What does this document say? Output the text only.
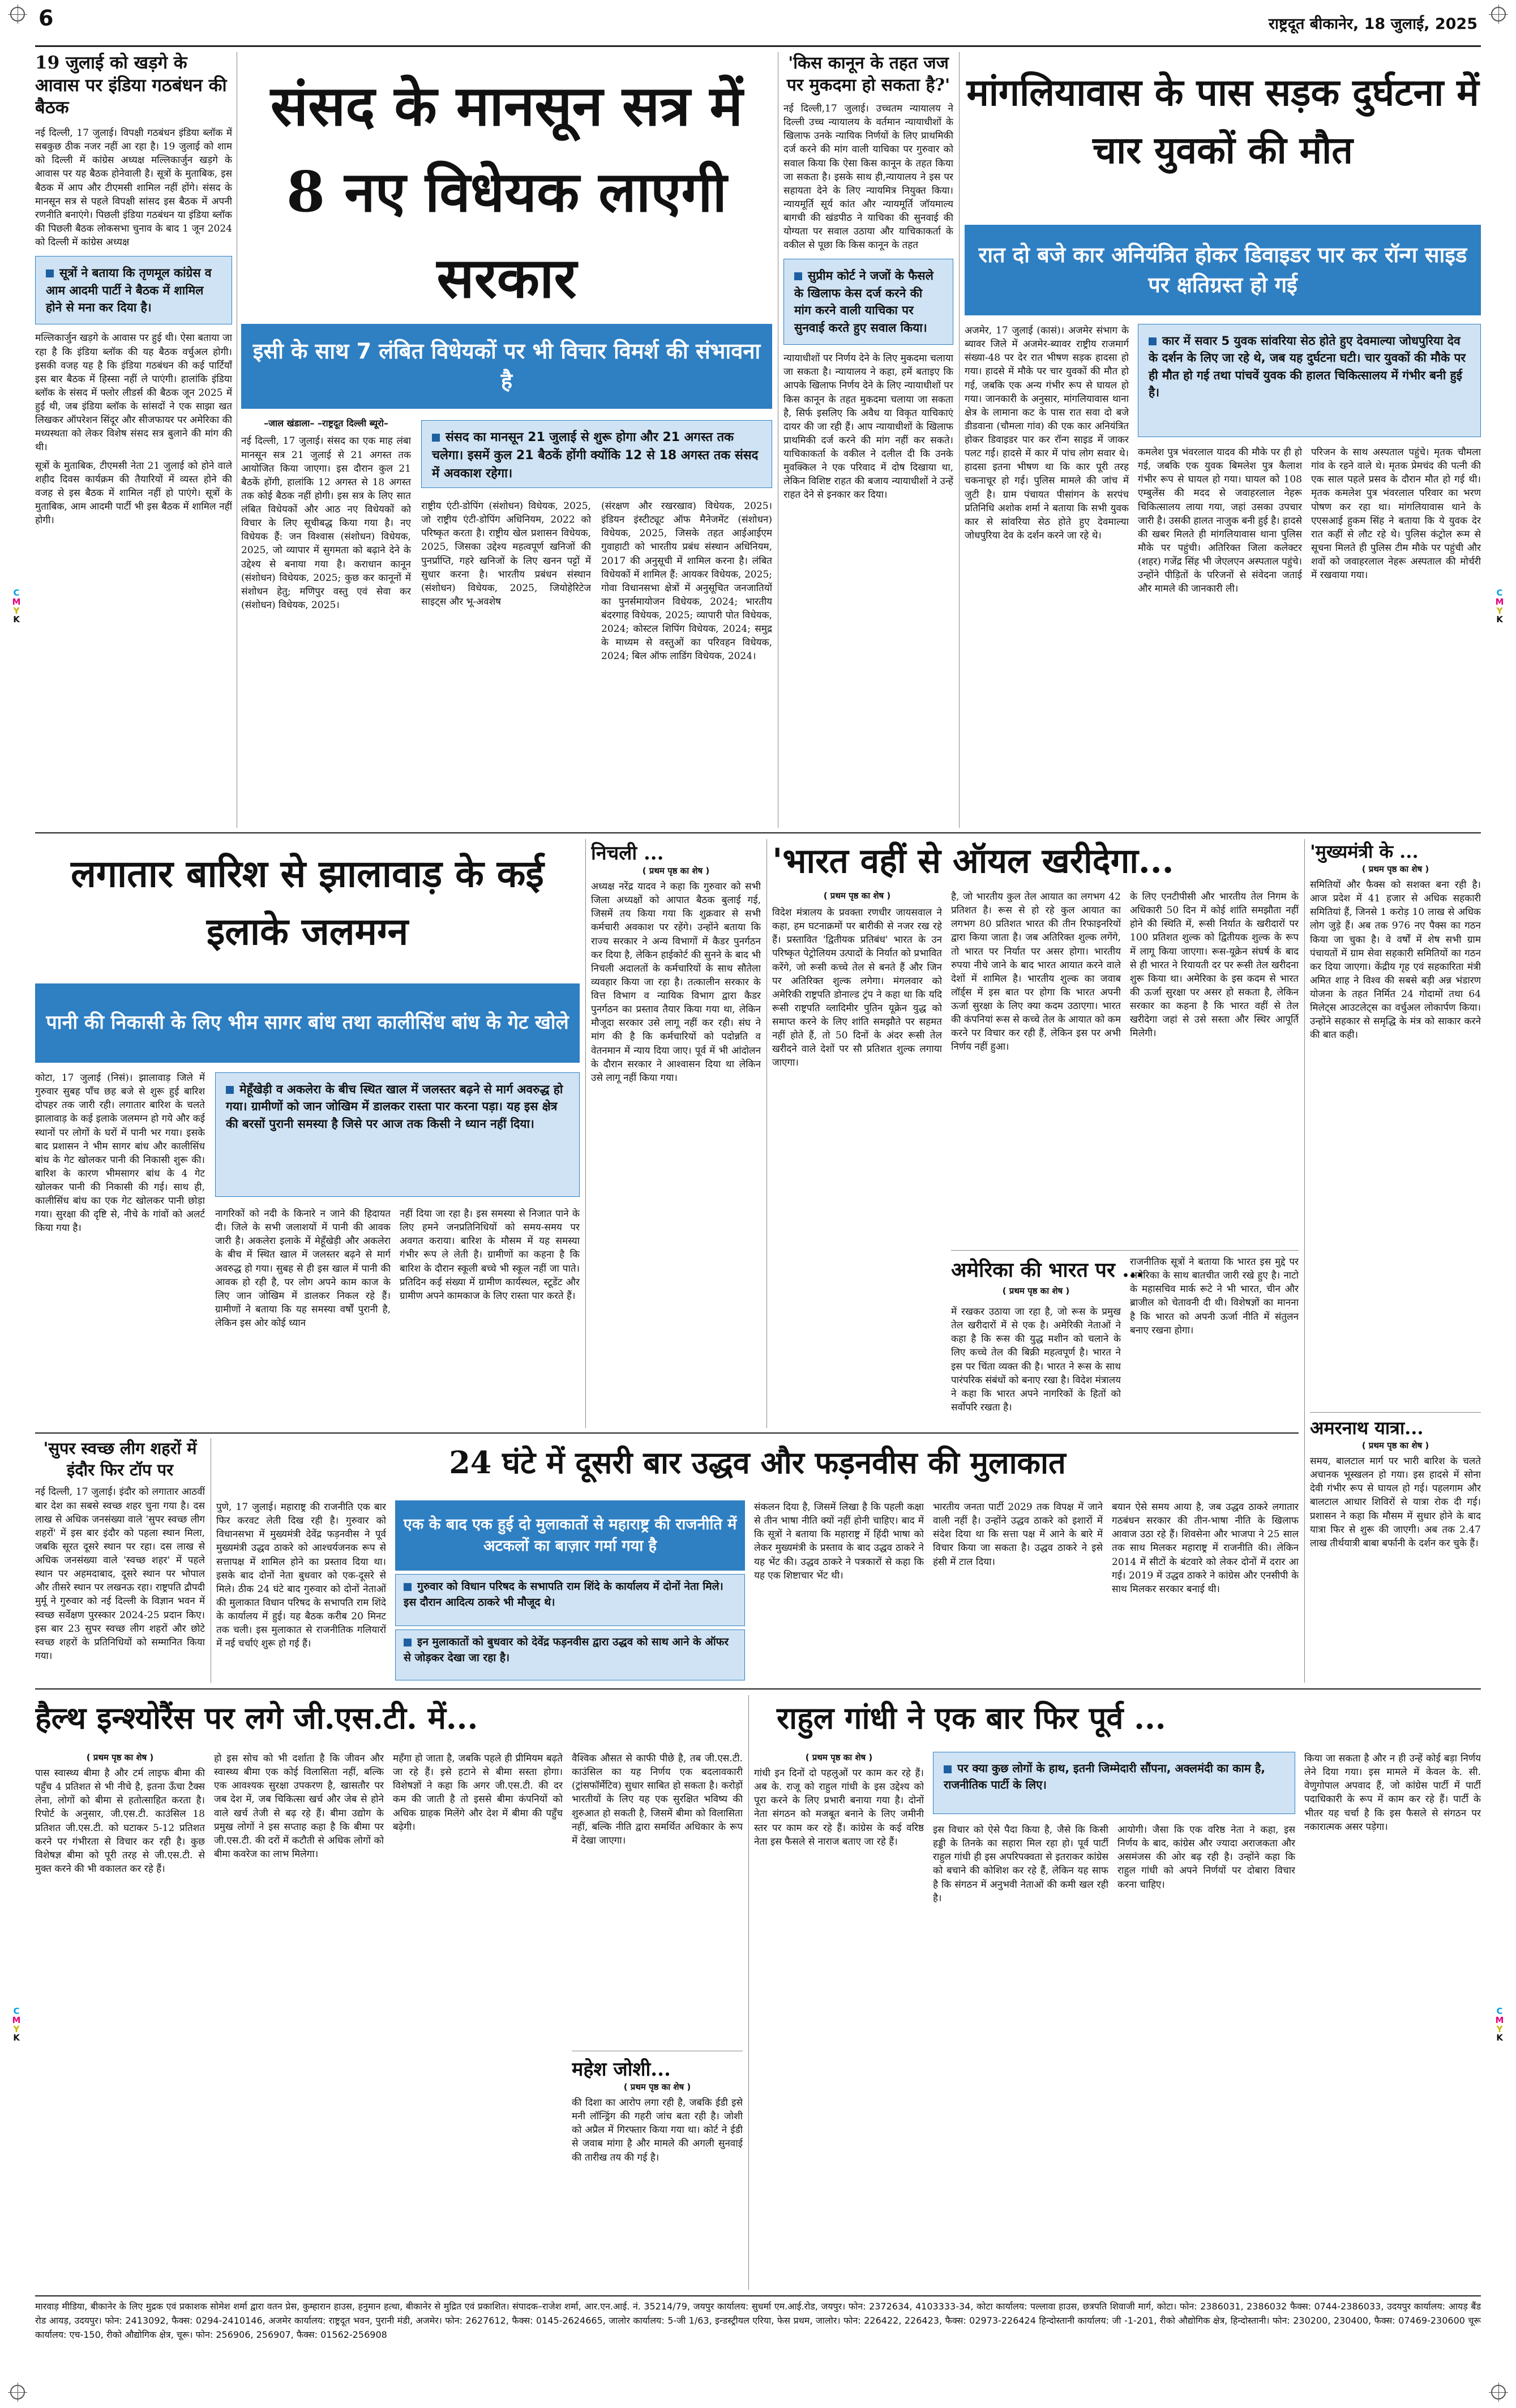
6	राष्ट्रदूत बीकानेर, 18 जुलाई, 2025
C
M
Y
K
C
M
Y
K
C
M
Y
K
C
M
Y
K
19 जुलाई को खड़गे के आवास पर इंडिया गठबंधन की बैठक
नई दिल्ली, 17 जुलाई। विपक्षी गठबंधन इंडिया ब्लॉक में सबकुछ ठीक नजर नहीं आ रहा है। 19 जुलाई को शाम को दिल्ली में कांग्रेस अध्यक्ष मल्लिकार्जुन खड़गे के आवास पर यह बैठक होनेवाली है। सूत्रों के मुताबिक, इस बैठक में आप और टीएमसी शामिल नहीं होंगे। संसद के मानसून सत्र से पहले विपक्षी सांसद इस बैठक में अपनी रणनीति बनाएंगे। पिछली इंडिया गठबंधन या इंडिया ब्लॉक की पिछली बैठक लोकसभा चुनाव के बाद 1 जून 2024 को दिल्ली में कांग्रेस अध्यक्ष
सूत्रों ने बताया कि तृणमूल कांग्रेस व आम आदमी पार्टी ने बैठक में शामिल होने से मना कर दिया है।
मल्लिकार्जुन खड़गे के आवास पर हुई थी। ऐसा बताया जा रहा है कि इंडिया ब्लॉक की यह बैठक वर्चुअल होगी। इसकी वजह यह है कि इंडिया गठबंधन की कई पार्टियाँ इस बार बैठक में हिस्सा नहीं ले पाएंगी। हालांकि इंडिया ब्लॉक के संसद में फ्लोर लीडर्स की बैठक जून 2025 में हुई थी, जब इंडिया ब्लॉक के सांसदों ने एक साझा खत लिखकर ऑपरेशन सिंदूर और सीजफायर पर अमेरिका की मध्यस्थता को लेकर विशेष संसद सत्र बुलाने की मांग की थी।
सूत्रों के मुताबिक, टीएमसी नेता 21 जुलाई को होने वाले शहीद दिवस कार्यक्रम की तैयारियों में व्यस्त होने की वजह से इस बैठक में शामिल नहीं हो पाएंगे। सूत्रों के मुताबिक, आम आदमी पार्टी भी इस बैठक में शामिल नहीं होगी।
संसद के मानसून सत्र में 8 नए विधेयक लाएगी सरकार
इसी के साथ 7 लंबित विधेयकों पर भी विचार विमर्श की संभावना है
–जाल खंडाला– –राष्ट्रदूत दिल्ली ब्यूरो–
नई दिल्ली, 17 जुलाई। संसद का एक माह लंबा मानसून सत्र 21 जुलाई से 21 अगस्त तक आयोजित किया जाएगा। इस दौरान कुल 21 बैठकें होंगी, हालांकि 12 अगस्त से 18 अगस्त तक कोई बैठक नहीं होगी। इस सत्र के लिए सात लंबित विधेयकों और आठ नए विधेयकों को विचार के लिए सूचीबद्ध किया गया है। नए विधेयक हैं: जन विश्वास (संशोधन) विधेयक, 2025, जो व्यापार में सुगमता को बढ़ाने देने के उद्देश्य से बनाया गया है। कराधान कानून (संशोधन) विधेयक, 2025; कुछ कर कानूनों में संशोधन हेतु; मणिपुर वस्तु एवं सेवा कर (संशोधन) विधेयक, 2025।
संसद का मानसून 21 जुलाई से शुरू होगा और 21 अगस्त तक चलेगा। इसमें कुल 21 बैठकें होंगी क्योंकि 12 से 18 अगस्त तक संसद में अवकाश रहेगा।
राष्ट्रीय एंटी-डोपिंग (संशोधन) विधेयक, 2025, जो राष्ट्रीय एंटी-डोपिंग अधिनियम, 2022 को परिष्कृत करता है। राष्ट्रीय खेल प्रशासन विधेयक, 2025, जिसका उद्देश्य महत्वपूर्ण खनिजों की पुनर्प्राप्ति, गहरे खनिजों के लिए खनन पट्टों में सुधार करना है। भारतीय प्रबंधन संस्थान (संशोधन) विधेयक, 2025, जियोहेरिटेज साइट्स और भू-अवशेष
(संरक्षण और रखरखाव) विधेयक, 2025। इंडियन इंस्टीट्यूट ऑफ मैनेजमेंट (संशोधन) विधेयक, 2025, जिसके तहत आईआईएम गुवाहाटी को भारतीय प्रबंध संस्थान अधिनियम, 2017 की अनुसूची में शामिल करना है। लंबित विधेयकों में शामिल हैं: आयकर विधेयक, 2025; गोवा विधानसभा क्षेत्रों में अनुसूचित जनजातियों का पुनर्समायोजन विधेयक, 2024; भारतीय बंदरगाह विधेयक, 2025; व्यापारी पोत विधेयक, 2024; कोस्टल शिपिंग विधेयक, 2024; समुद्र के माध्यम से वस्तुओं का परिवहन विधेयक, 2024; बिल ऑफ लाडिंग विधेयक, 2024।
'किस कानून के तहत जज पर मुकदमा हो सकता है?'
नई दिल्ली,17 जुलाई। उच्चतम न्यायालय ने दिल्ली उच्च न्यायालय के वर्तमान न्यायाधीशों के खिलाफ उनके न्यायिक निर्णयों के लिए प्राथमिकी दर्ज करने की मांग वाली याचिका पर गुरुवार को सवाल किया कि ऐसा किस कानून के तहत किया जा सकता है। इसके साथ ही,न्यायालय ने इस पर सहायता देने के लिए न्यायमित्र नियुक्त किया। न्यायमूर्ति सूर्य कांत और न्यायमूर्ति जॉयमाल्य बागची की खंडपीठ ने याचिका की सुनवाई की योग्यता पर सवाल उठाया और याचिकाकर्ता के वकील से पूछा कि किस कानून के तहत
सुप्रीम कोर्ट ने जजों के फैसले के खिलाफ केस दर्ज करने की मांग करने वाली याचिका पर सुनवाई करते हुए सवाल किया।
न्यायाधीशों पर निर्णय देने के लिए मुकदमा चलाया जा सकता है। न्यायालय ने कहा, हमें बताइए कि आपके खिलाफ निर्णय देने के लिए न्यायाधीशों पर किस कानून के तहत मुकदमा चलाया जा सकता है, सिर्फ इसलिए कि अवैध या विकृत याचिकाएं दायर की जा रही हैं। आप न्यायाधीशों के खिलाफ प्राथमिकी दर्ज करने की मांग नहीं कर सकते। याचिकाकर्ता के वकील ने दलील दी कि उनके मुवक्किल ने एक परिवाद में दोष दिखाया था, लेकिन विशिष्ट राहत की बजाय न्यायाधीशों ने उन्हें राहत देने से इनकार कर दिया।
मांगलियावास के पास सड़क दुर्घटना में चार युवकों की मौत
रात दो बजे कार अनियंत्रित होकर डिवाइडर पार कर रॉन्ग साइड पर क्षतिग्रस्त हो गई
अजमेर, 17 जुलाई (कासं)। अजमेर संभाग के ब्यावर जिले में अजमेर-ब्यावर राष्ट्रीय राजमार्ग संख्या-48 पर देर रात भीषण सड़क हादसा हो गया। हादसे में मौके पर चार युवकों की मौत हो गई, जबकि एक अन्य गंभीर रूप से घायल हो गया। जानकारी के अनुसार, मांगलियावास थाना क्षेत्र के लामाना कट के पास रात सवा दो बजे डीडवाना (चौमला गांव) की एक कार अनियंत्रित होकर डिवाइडर पार कर रॉन्ग साइड में जाकर पलट गई। हादसे में कार में पांच लोग सवार थे। हादसा इतना भीषण था कि कार पूरी तरह चकनाचूर हो गई। पुलिस मामले की जांच में जुटी है। ग्राम पंचायत पीसांगन के सरपंच प्रतिनिधि अशोक शर्मा ने बताया कि सभी युवक कार से सांवरिया सेठ होते हुए देवमाल्या जोधपुरिया देव के दर्शन करने जा रहे थे।
कार में सवार 5 युवक सांवरिया सेठ होते हुए देवमाल्या जोधपुरिया देव के दर्शन के लिए जा रहे थे, जब यह दुर्घटना घटी। चार युवकों की मौके पर ही मौत हो गई तथा पांचवें युवक की हालत चिकित्सालय में गंभीर बनी हुई है।
कमलेश पुत्र भंवरलाल यादव की मौके पर ही हो गई, जबकि एक युवक बिमलेश पुत्र कैलाश गंभीर रूप से घायल हो गया। घायल को 108 एम्बुलेंस की मदद से जवाहरलाल नेहरू चिकित्सालय लाया गया, जहां उसका उपचार जारी है। उसकी हालत नाजुक बनी हुई है। हादसे की खबर मिलते ही मांगलियावास थाना पुलिस मौके पर पहुंची। अतिरिक्त जिला कलेक्टर (शहर) गजेंद्र सिंह भी जेएलएन अस्पताल पहुंचे। उन्होंने पीड़ितों के परिजनों से संवेदना जताई और मामले की जानकारी ली।
परिजन के साथ अस्पताल पहुंचे। मृतक चौमला गांव के रहने वाले थे। मृतक प्रेमचंद की पत्नी की एक साल पहले प्रसव के दौरान मौत हो गई थी। मृतक कमलेश पुत्र भंवरलाल परिवार का भरण पोषण कर रहा था। मांगलियावास थाने के एएसआई हुकम सिंह ने बताया कि ये युवक देर रात कहीं से लौट रहे थे। पुलिस कंट्रोल रूम से सूचना मिलते ही पुलिस टीम मौके पर पहुंची और शवों को जवाहरलाल नेहरू अस्पताल की मोर्चरी में रखवाया गया।
लगातार बारिश से झालावाड़ के कई इलाके जलमग्न
पानी की निकासी के लिए भीम सागर बांध तथा कालीसिंध बांध के गेट खोले
कोटा, 17 जुलाई (निसं)। झालावाड़ जिले में गुरुवार सुबह पाँच छह बजे से शुरू हुई बारिश दोपहर तक जारी रही। लगातार बारिश के चलते झालावाड़ के कई इलाके जलमग्न हो गये और कई स्थानों पर लोगों के घरों में पानी भर गया। इसके बाद प्रशासन ने भीम सागर बांध और कालीसिंध बांध के गेट खोलकर पानी की निकासी शुरू की। बारिश के कारण भीमसागर बांध के 4 गेट खोलकर पानी की निकासी की गई। साथ ही, कालीसिंध बांध का एक गेट खोलकर पानी छोड़ा गया। सुरक्षा की दृष्टि से, नीचे के गांवों को अलर्ट किया गया है।
मेहूँखेड़ी व अकलेरा के बीच स्थित खाल में जलस्तर बढ़ने से मार्ग अवरुद्ध हो गया। ग्रामीणों को जान जोखिम में डालकर रास्ता पार करना पड़ा। यह इस क्षेत्र की बरसों पुरानी समस्या है जिसे पर आज तक किसी ने ध्यान नहीं दिया।
नागरिकों को नदी के किनारे न जाने की हिदायत दी। जिले के सभी जलाशयों में पानी की आवक जारी है। अकलेरा इलाके में मेहूँखेड़ी और अकलेरा के बीच में स्थित खाल में जलस्तर बढ़ने से मार्ग अवरुद्ध हो गया। सुबह से ही इस खाल में पानी की आवक हो रही है, पर लोग अपने काम काज के लिए जान जोखिम में डालकर निकल रहे हैं। ग्रामीणों ने बताया कि यह समस्या वर्षों पुरानी है, लेकिन इस ओर कोई ध्यान
नहीं दिया जा रहा है। इस समस्या से निजात पाने के लिए हमने जनप्रतिनिधियों को समय-समय पर अवगत कराया। बारिश के मौसम में यह समस्या गंभीर रूप ले लेती है। ग्रामीणों का कहना है कि बारिश के दौरान स्कूली बच्चे भी स्कूल नहीं जा पाते। प्रतिदिन कई संख्या में ग्रामीण कार्यस्थल, स्टूडेंट और ग्रामीण अपने कामकाज के लिए रास्ता पार करते हैं।
निचली ...
( प्रथम पृष्ठ का शेष )
अध्यक्ष नरेंद्र यादव ने कहा कि गुरुवार को सभी जिला अध्यक्षों को आपात बैठक बुलाई गई, जिसमें तय किया गया कि शुक्रवार से सभी कर्मचारी अवकाश पर रहेंगे। उन्होंने बताया कि राज्य सरकार ने अन्य विभागों में कैडर पुनर्गठन कर दिया है, लेकिन हाईकोर्ट की सुनने के बाद भी निचली अदालतों के कर्मचारियों के साथ सौतेला व्यवहार किया जा रहा है। तत्कालीन सरकार के वित्त विभाग व न्यायिक विभाग द्वारा कैडर पुनर्गठन का प्रस्ताव तैयार किया गया था, लेकिन मौजूदा सरकार उसे लागू नहीं कर रही। संघ ने मांग की है कि कर्मचारियों को पदोन्नति व वेतनमान में न्याय दिया जाए। पूर्व में भी आंदोलन के दौरान सरकार ने आश्वासन दिया था लेकिन उसे लागू नहीं किया गया।
'भारत वहीं से ऑयल खरीदेगा...
( प्रथम पृष्ठ का शेष )
विदेश मंत्रालय के प्रवक्ता रणधीर जायसवाल ने कहा, हम घटनाक्रमों पर बारीकी से नजर रख रहे हैं। प्रस्तावित 'द्वितीयक प्रतिबंध' भारत के उन परिष्कृत पेट्रोलियम उत्पादों के निर्यात को प्रभावित करेंगे, जो रूसी कच्चे तेल से बनते हैं और जिन पर अतिरिक्त शुल्क लगेगा। मंगलवार को अमेरिकी राष्ट्रपति डोनाल्ड ट्रंप ने कहा था कि यदि रूसी राष्ट्रपति व्लादिमीर पुतिन यूक्रेन युद्ध को समाप्त करने के लिए शांति समझौते पर सहमत नहीं होते हैं, तो 50 दिनों के अंदर रूसी तेल खरीदने वाले देशों पर सौ प्रतिशत शुल्क लगाया जाएगा।
है, जो भारतीय कुल तेल आयात का लगभग 42 प्रतिशत है। रूस से हो रहे कुल आयात का लगभग 80 प्रतिशत भारत की तीन रिफाइनरियों द्वारा किया जाता है। जब अतिरिक्त शुल्क लगेंगे, तो भारत पर निर्यात पर असर होगा। भारतीय रुपया नीचे जाने के बाद भारत आयात करने वाले देशों में शामिल है। भारतीय शुल्क का जवाब लॉर्ड्स में इस बात पर होगा कि भारत अपनी ऊर्जा सुरक्षा के लिए क्या कदम उठाएगा। भारत की कंपनियां रूस से कच्चे तेल के आयात को कम करने पर विचार कर रही हैं, लेकिन इस पर अभी निर्णय नहीं हुआ।
के लिए एनटीपीसी और भारतीय तेल निगम के अधिकारी 50 दिन में कोई शांति समझौता नहीं होने की स्थिति में, रूसी निर्यात के खरीदारों पर 100 प्रतिशत शुल्क को द्वितीयक शुल्क के रूप में लागू किया जाएगा। रूस-यूक्रेन संघर्ष के बाद से ही भारत ने रियायती दर पर रूसी तेल खरीदना शुरू किया था। अमेरिका के इस कदम से भारत की ऊर्जा सुरक्षा पर असर हो सकता है, लेकिन सरकार का कहना है कि भारत वहीं से तेल खरीदेगा जहां से उसे सस्ता और स्थिर आपूर्ति मिलेगी।
अमेरिका की भारत पर ...
( प्रथम पृष्ठ का शेष )
में रखकर उठाया जा रहा है, जो रूस के प्रमुख तेल खरीदारों में से एक है। अमेरिकी नेताओं ने कहा है कि रूस की युद्ध मशीन को चलाने के लिए कच्चे तेल की बिक्री महत्वपूर्ण है। भारत ने इस पर चिंता व्यक्त की है। भारत ने रूस के साथ पारंपरिक संबंधों को बनाए रखा है। विदेश मंत्रालय ने कहा कि भारत अपने नागरिकों के हितों को सर्वोपरि रखता है।
राजनीतिक सूत्रों ने बताया कि भारत इस मुद्दे पर अमेरिका के साथ बातचीत जारी रखे हुए है। नाटो के महासचिव मार्क रूटे ने भी भारत, चीन और ब्राजील को चेतावनी दी थी। विशेषज्ञों का मानना है कि भारत को अपनी ऊर्जा नीति में संतुलन बनाए रखना होगा।
'मुख्यमंत्री के ...
( प्रथम पृष्ठ का शेष )
समितियों और फैक्स को सशक्त बना रही है। आज प्रदेश में 41 हजार से अधिक सहकारी समितियां हैं, जिनसे 1 करोड़ 10 लाख से अधिक लोग जुड़े हैं। अब तक 976 नए पैक्स का गठन किया जा चुका है। वे वर्षों में शेष सभी ग्राम पंचायतों में ग्राम सेवा सहकारी समितियों का गठन कर दिया जाएगा। केंद्रीय गृह एवं सहकारिता मंत्री अमित शाह ने विश्व की सबसे बड़ी अन्न भंडारण योजना के तहत निर्मित 24 गोदामों तथा 64 मिलेट्स आउटलेट्स का वर्चुअल लोकार्पण किया। उन्होंने सहकार से समृद्धि के मंत्र को साकार करने की बात कही।
अमरनाथ यात्रा...
( प्रथम पृष्ठ का शेष )
समय, बालटाल मार्ग पर भारी बारिश के चलते अचानक भूस्खलन हो गया। इस हादसे में सोना देवी गंभीर रूप से घायल हो गई। पहलगाम और बालटाल आधार शिविरों से यात्रा रोक दी गई। प्रशासन ने कहा कि मौसम में सुधार होने के बाद यात्रा फिर से शुरू की जाएगी। अब तक 2.47 लाख तीर्थयात्री बाबा बर्फानी के दर्शन कर चुके हैं।
'सुपर स्वच्छ लीग शहरों में इंदौर फिर टॉप पर
नई दिल्ली, 17 जुलाई। इंदौर को लगातार आठवीं बार देश का सबसे स्वच्छ शहर चुना गया है। दस लाख से अधिक जनसंख्या वाले 'सुपर स्वच्छ लीग शहरों' में इस बार इंदौर को पहला स्थान मिला, जबकि सूरत दूसरे स्थान पर रहा। दस लाख से अधिक जनसंख्या वाले 'स्वच्छ शहर' में पहले स्थान पर अहमदाबाद, दूसरे स्थान पर भोपाल और तीसरे स्थान पर लखनऊ रहा। राष्ट्रपति द्रौपदी मुर्मू ने गुरुवार को नई दिल्ली के विज्ञान भवन में स्वच्छ सर्वेक्षण पुरस्कार 2024-25 प्रदान किए। इस बार 23 सुपर स्वच्छ लीग शहरों और छोटे स्वच्छ शहरों के प्रतिनिधियों को सम्मानित किया गया।
24 घंटे में दूसरी बार उद्धव और फड़नवीस की मुलाकात
पुणे, 17 जुलाई। महाराष्ट्र की राजनीति एक बार फिर करवट लेती दिख रही है। गुरुवार को विधानसभा में मुख्यमंत्री देवेंद्र फड़नवीस ने पूर्व मुख्यमंत्री उद्धव ठाकरे को आश्चर्यजनक रूप से सत्तापक्ष में शामिल होने का प्रस्ताव दिया था। इसके बाद दोनों नेता बुधवार को एक-दूसरे से मिले। ठीक 24 घंटे बाद गुरुवार को दोनों नेताओं की मुलाकात विधान परिषद के सभापति राम शिंदे के कार्यालय में हुई। यह बैठक करीब 20 मिनट तक चली। इस मुलाकात से राजनीतिक गलियारों में नई चर्चाएं शुरू हो गई हैं।
एक के बाद एक हुई दो मुलाकातों से महाराष्ट्र की राजनीति में अटकलों का बाज़ार गर्मा गया है
गुरुवार को विधान परिषद के सभापति राम शिंदे के कार्यालय में दोनों नेता मिले। इस दौरान आदित्य ठाकरे भी मौजूद थे।
इन मुलाकातों को बुधवार को देवेंद्र फड़नवीस द्वारा उद्धव को साथ आने के ऑफर से जोड़कर देखा जा रहा है।
संकलन दिया है, जिसमें लिखा है कि पहली कक्षा से तीन भाषा नीति क्यों नहीं होनी चाहिए। बाद में कि सूत्रों ने बताया कि महाराष्ट्र में हिंदी भाषा को लेकर मुख्यमंत्री के प्रस्ताव के बाद उद्धव ठाकरे ने यह भेंट की। उद्धव ठाकरे ने पत्रकारों से कहा कि यह एक शिष्टाचार भेंट थी।
भारतीय जनता पार्टी 2029 तक विपक्ष में जाने वाली नहीं है। उन्होंने उद्धव ठाकरे को इशारों में संदेश दिया था कि सत्ता पक्ष में आने के बारे में विचार किया जा सकता है। उद्धव ठाकरे ने इसे हंसी में टाल दिया।
बयान ऐसे समय आया है, जब उद्धव ठाकरे लगातार गठबंधन सरकार की तीन-भाषा नीति के खिलाफ आवाज उठा रहे हैं। शिवसेना और भाजपा ने 25 साल तक साथ मिलकर महाराष्ट्र में राजनीति की। लेकिन 2014 में सीटों के बंटवारे को लेकर दोनों में दरार आ गई। 2019 में उद्धव ठाकरे ने कांग्रेस और एनसीपी के साथ मिलकर सरकार बनाई थी।
हैल्थ इन्श्योरैंस पर लगे जी.एस.टी. में...
( प्रथम पृष्ठ का शेष )
पास स्वास्थ्य बीमा है और टर्म लाइफ बीमा की पहुँच 4 प्रतिशत से भी नीचे है, इतना ऊँचा टैक्स लेना, लोगों को बीमा से हतोत्साहित करता है। रिपोर्ट के अनुसार, जी.एस.टी. काउंसिल 18 प्रतिशत जी.एस.टी. को घटाकर 5-12 प्रतिशत करने पर गंभीरता से विचार कर रही है। कुछ विशेषज्ञ बीमा को पूरी तरह से जी.एस.टी. से मुक्त करने की भी वकालत कर रहे हैं।
हो इस सोच को भी दर्शाता है कि जीवन और स्वास्थ्य बीमा एक कोई विलासिता नहीं, बल्कि एक आवश्यक सुरक्षा उपकरण है, खासतौर पर जब देश में, जब चिकित्सा खर्च और जेब से होने वाले खर्च तेजी से बढ़ रहे हैं। बीमा उद्योग के प्रमुख लोगों ने इस सप्ताह कहा है कि बीमा पर जी.एस.टी. की दरों में कटौती से अधिक लोगों को बीमा कवरेज का लाभ मिलेगा।
महँगा हो जाता है, जबकि पहले ही प्रीमियम बढ़ते जा रहे हैं। इसे हटाने से बीमा सस्ता होगा। विशेषज्ञों ने कहा कि अगर जी.एस.टी. की दर कम की जाती है तो इससे बीमा कंपनियों को अधिक ग्राहक मिलेंगे और देश में बीमा की पहुँच बढ़ेगी।
वैश्विक औसत से काफी पीछे है, तब जी.एस.टी. काउंसिल का यह निर्णय एक बदलावकारी (ट्रांसफॉर्मेटिव) सुधार साबित हो सकता है। करोड़ों भारतीयों के लिए यह एक सुरक्षित भविष्य की शुरुआत हो सकती है, जिसमें बीमा को विलासिता नहीं, बल्कि नीति द्वारा समर्थित अधिकार के रूप में देखा जाएगा।
महेश जोशी...
( प्रथम पृष्ठ का शेष )
की दिशा का आरोप लगा रही है, जबकि ईडी इसे मनी लॉन्ड्रिंग की गहरी जांच बता रही है। जोशी को अप्रैल में गिरफ्तार किया गया था। कोर्ट ने ईडी से जवाब मांगा है और मामले की अगली सुनवाई की तारीख तय की गई है।
राहुल गांधी ने एक बार फिर पूर्व ...
( प्रथम पृष्ठ का शेष )
गांधी इन दिनों दो पहलुओं पर काम कर रहे हैं। अब के. राजू को राहुल गांधी के इस उद्देश्य को पूरा करने के लिए प्रभारी बनाया गया है। दोनों नेता संगठन को मजबूत बनाने के लिए जमीनी स्तर पर काम कर रहे हैं। कांग्रेस के कई वरिष्ठ नेता इस फैसले से नाराज बताए जा रहे हैं।
पर क्या कुछ लोगों के हाथ, इतनी जिम्मेदारी सौंपना, अक्लमंदी का काम है, राजनीतिक पार्टी के लिए।
इस विचार को ऐसे पैदा किया है, जैसे कि किसी हड्डी के तिनके का सहारा मिल रहा हो। पूर्व पार्टी राहुल गांधी ही इस अपरिपक्वता से इतराकर कांग्रेस को बचाने की कोशिश कर रहे हैं, लेकिन यह साफ है कि संगठन में अनुभवी नेताओं की कमी खल रही है।
आयोगी। जैसा कि एक वरिष्ठ नेता ने कहा, इस निर्णय के बाद, कांग्रेस और ज्यादा अराजकता और असमंजस की ओर बढ़ रही है। उन्होंने कहा कि राहुल गांधी को अपने निर्णयों पर दोबारा विचार करना चाहिए।
किया जा सकता है और न ही उन्हें कोई बड़ा निर्णय लेने दिया गया। इस मामले में केवल के. सी. वेणुगोपाल अपवाद हैं, जो कांग्रेस पार्टी में पार्टी पदाधिकारी के रूप में काम कर रहे हैं। पार्टी के भीतर यह चर्चा है कि इस फैसले से संगठन पर नकारात्मक असर पड़ेगा।
मारवाड़ मीडिया, बीकानेर के लिए मुद्रक एवं प्रकाशक सोमेश शर्मा द्वारा वतन प्रेस, कुम्हारान हाउस, हनुमान हत्था, बीकानेर से मुद्रित एवं प्रकाशित। संपादक–राजेश शर्मा, आर.एन.आई. नं. 35214/79, जयपुर कार्यालय: सुधर्मा एम.आई.रोड, जयपुर। फोन: 2372634, 4103333-34, कोटा कार्यालय: पल्लावा हाउस, छत्रपति शिवाजी मार्ग, कोटा। फोन: 2386031, 2386032 फैक्स: 0744-2386033, उदयपुर कार्यालय: आयड़ बैंड रोड आयड़, उदयपुर। फोन: 2413092, फैक्स: 0294-2410146, अजमेर कार्यालय: राष्ट्रदूत भवन, पुरानी मंडी, अजमेर। फोन: 2627612, फैक्स: 0145-2624665, जालोर कार्यालय: 5-जी 1/63, इन्डस्ट्रीयल एरिया, फेस प्रथम, जालोर। फोन: 226422, 226423, फैक्स: 02973-226424 हिन्दोस्तानी कार्यालय: जी -1-201, रीको औद्योगिक क्षेत्र, हिन्दोस्तानी। फोन: 230200, 230400, फैक्स: 07469-230600 चूरू कार्यालय: एच-150, रीको औद्योगिक क्षेत्र, चूरू। फोन: 256906, 256907, फैक्स: 01562-256908
